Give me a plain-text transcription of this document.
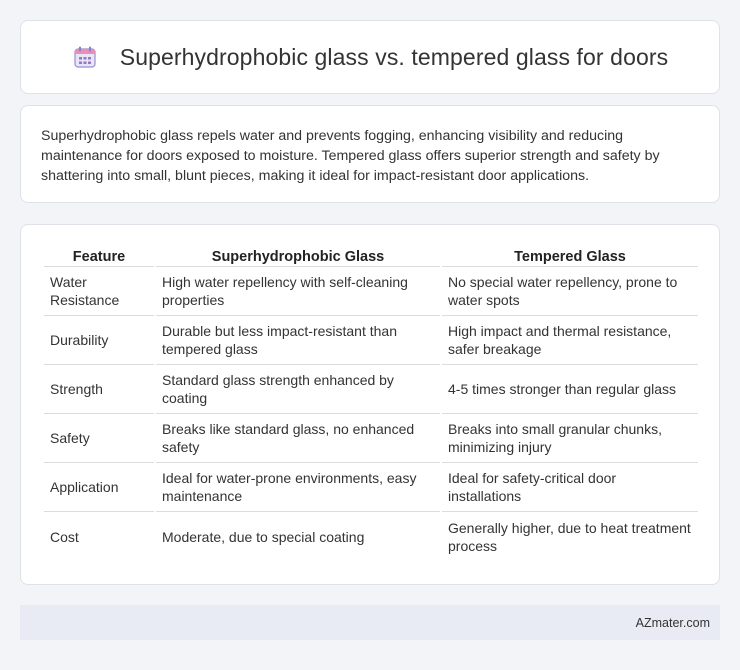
Superhydrophobic glass vs. tempered glass for doors

Superhydrophobic glass repels water and prevents fogging, enhancing visibility and reducing maintenance for doors exposed to moisture. Tempered glass offers superior strength and safety by shattering into small, blunt pieces, making it ideal for impact-resistant door applications.

Feature	Superhydrophobic Glass	Tempered Glass
Water Resistance	High water repellency with self-cleaning properties	No special water repellency, prone to water spots
Durability	Durable but less impact-resistant than tempered glass	High impact and thermal resistance, safer breakage
Strength	Standard glass strength enhanced by coating	4-5 times stronger than regular glass
Safety	Breaks like standard glass, no enhanced safety	Breaks into small granular chunks, minimizing injury
Application	Ideal for water-prone environments, easy maintenance	Ideal for safety-critical door installations
Cost	Moderate, due to special coating	Generally higher, due to heat treatment process
AZmater.com
